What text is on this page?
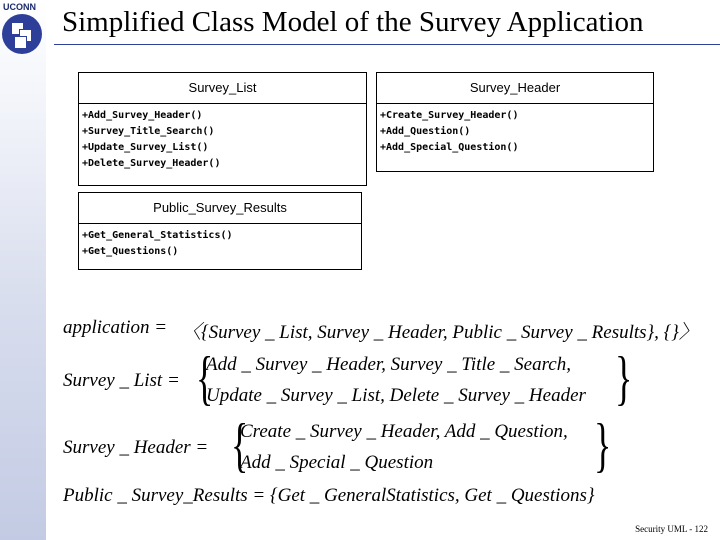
UCONN Simplified Class Model of the Survey Application
Survey_List
+Add_Survey_Header()
+Survey_Title_Search()
+Update_Survey_List()
+Delete_Survey_Header()
Survey_Header
+Create_Survey_Header()
+Add_Question()
+Add_Special_Question()
Public_Survey_Results
+Get_General_Statistics()
+Get_Questions()
application = 〈{Survey _ List, Survey _ Header, Public _ Survey _ Results}, {}〉
Survey _ List = {
Add _ Survey _ Header, Survey _ Title _ Search,
Update _ Survey _ List, Delete _ Survey _ Header }
Survey _ Header = {
Create _ Survey _ Header, Add _ Question,
Add _ Special _ Question	}
Public _ Survey_Results = {Get _ GeneralStatistics, Get _ Questions}
Security UML - 122
